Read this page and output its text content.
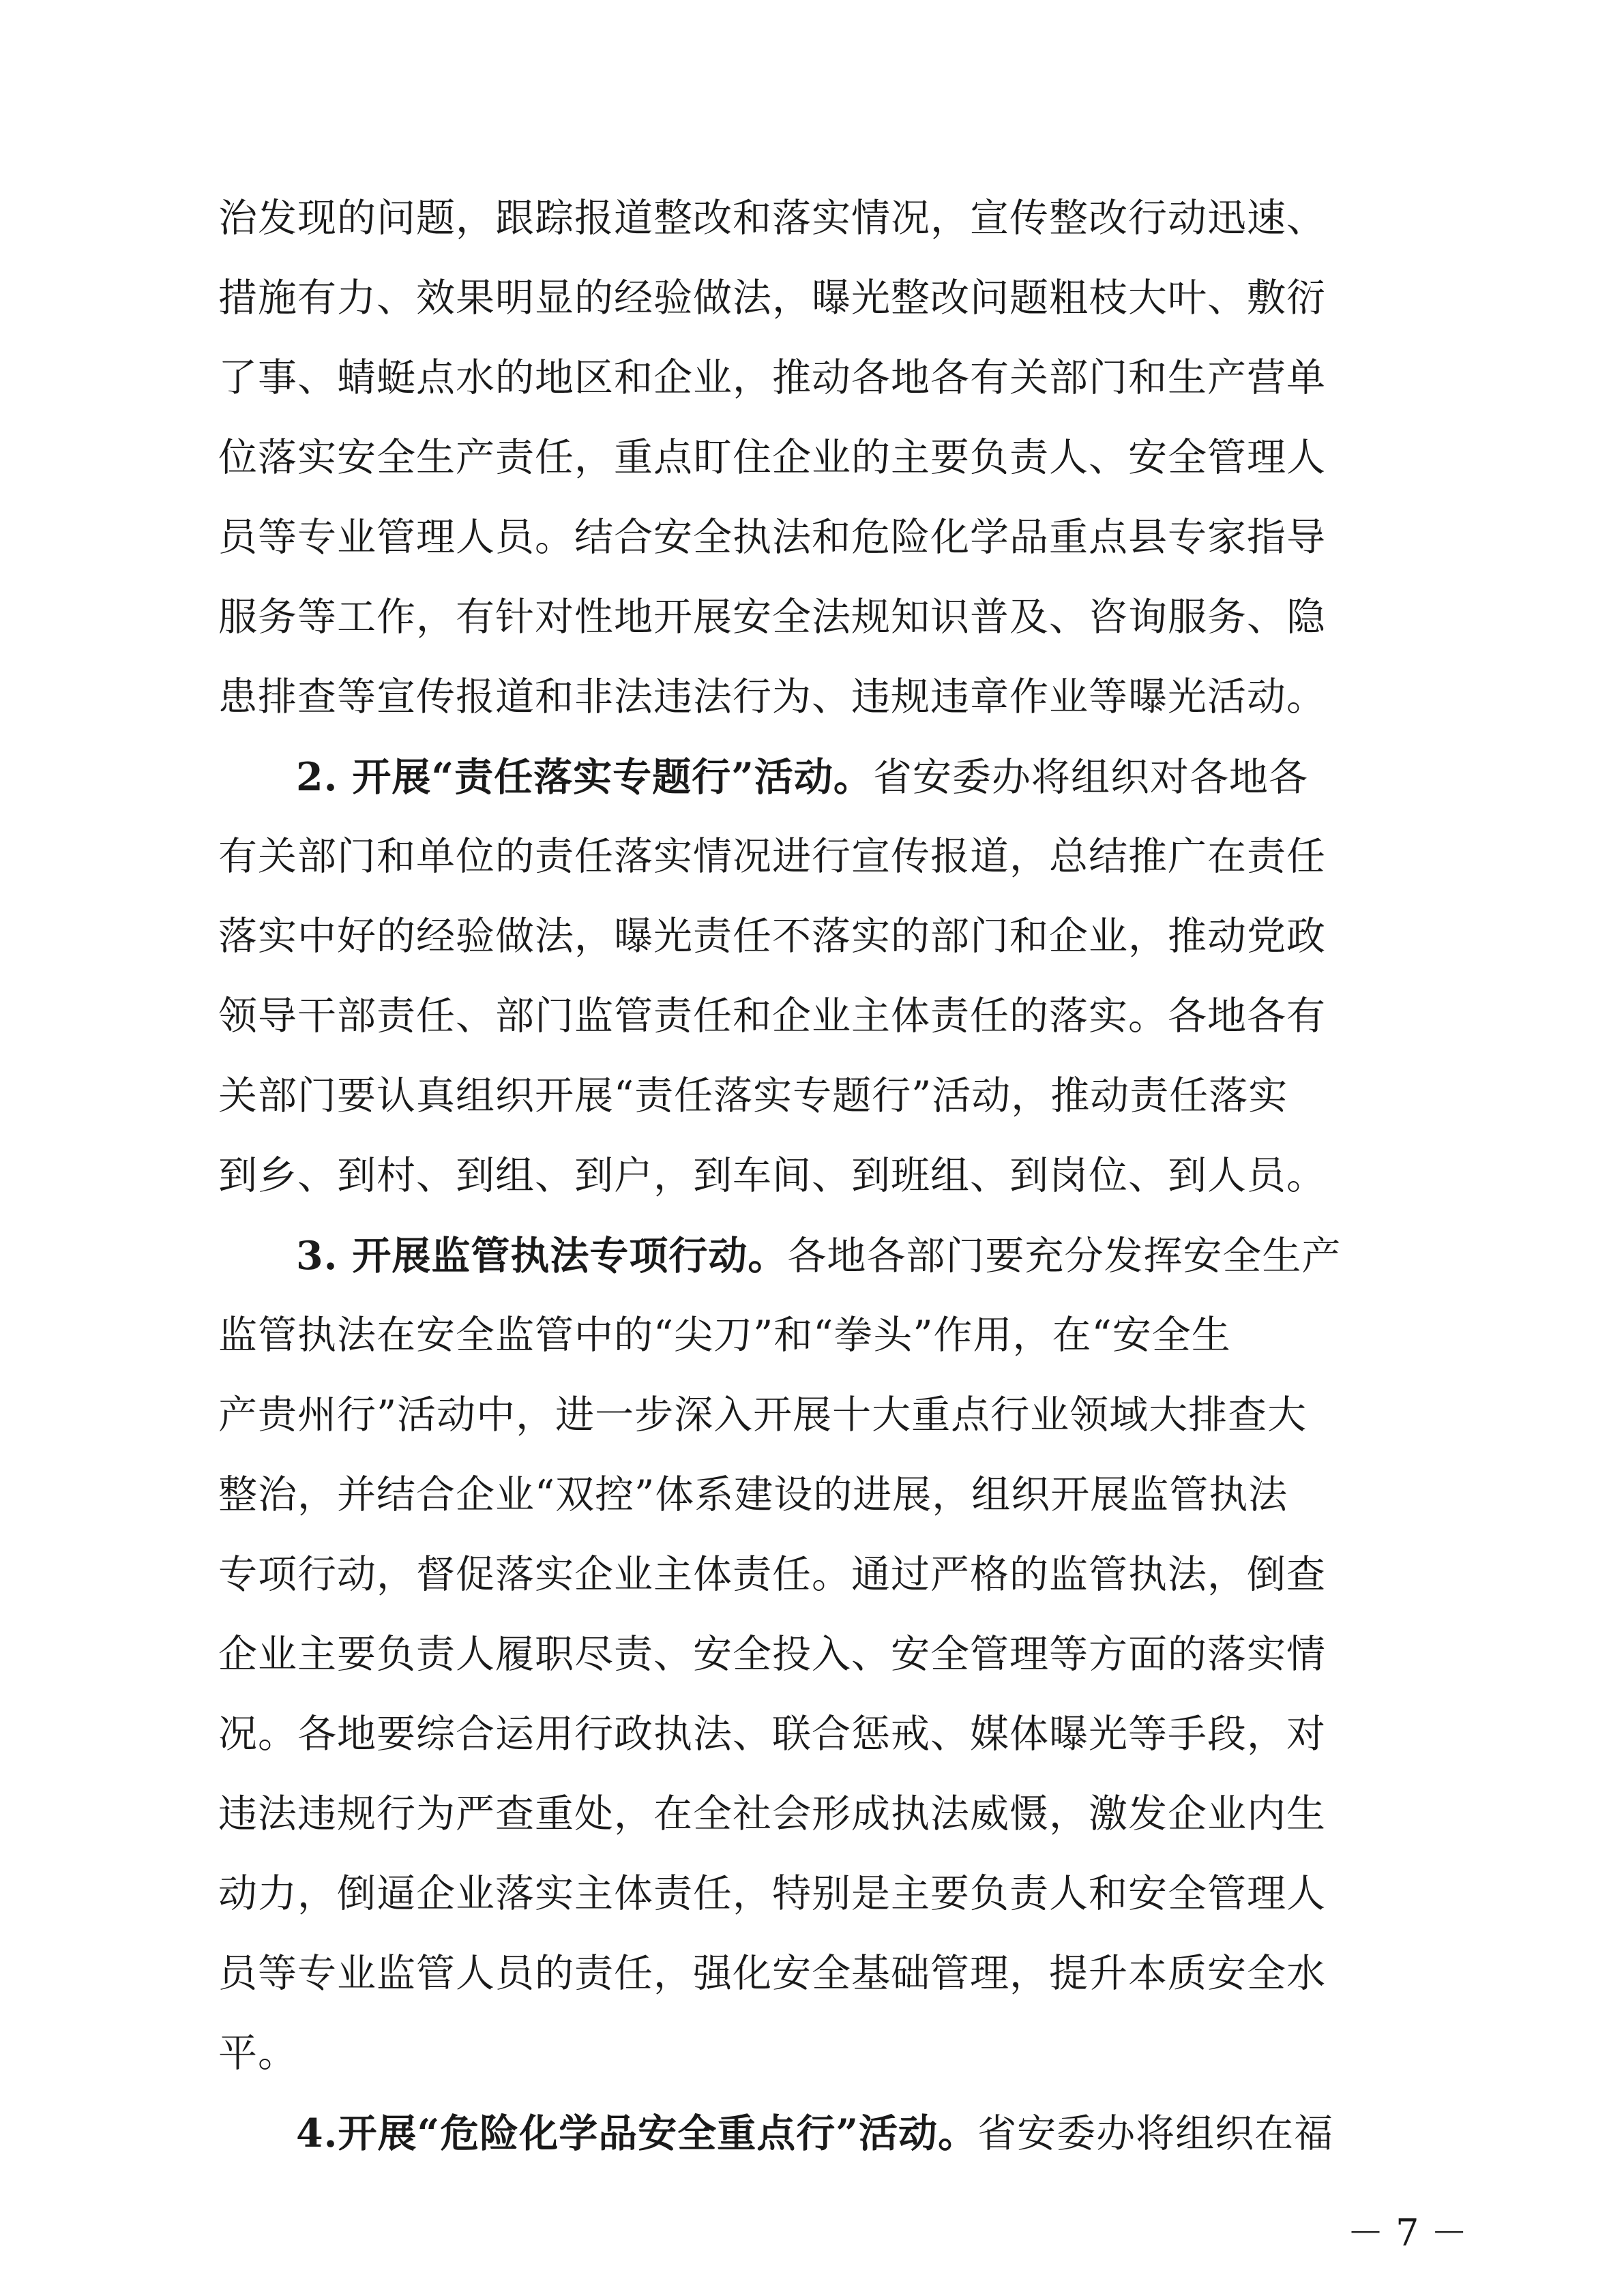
治发现的问题，跟踪报道整改和落实情况，宣传整改行动迅速、
措施有力、效果明显的经验做法，曝光整改问题粗枝大叶、敷衍
了事、蜻蜓点水的地区和企业，推动各地各有关部门和生产营单
位落实安全生产责任，重点盯住企业的主要负责人、安全管理人
员等专业管理人员。结合安全执法和危险化学品重点县专家指导
服务等工作，有针对性地开展安全法规知识普及、咨询服务、隐
患排查等宣传报道和非法违法行为、违规违章作业等曝光活动。
2. 开展“责任落实专题行”活动。省安委办将组织对各地各
有关部门和单位的责任落实情况进行宣传报道，总结推广在责任
落实中好的经验做法，曝光责任不落实的部门和企业，推动党政
领导干部责任、部门监管责任和企业主体责任的落实。各地各有
关部门要认真组织开展“责任落实专题行”活动，推动责任落实
到乡、到村、到组、到户，到车间、到班组、到岗位、到人员。
3. 开展监管执法专项行动。各地各部门要充分发挥安全生产
监管执法在安全监管中的“尖刀”和“拳头”作用，在“安全生
产贵州行”活动中，进一步深入开展十大重点行业领域大排查大
整治，并结合企业“双控”体系建设的进展，组织开展监管执法
专项行动，督促落实企业主体责任。通过严格的监管执法，倒查
企业主要负责人履职尽责、安全投入、安全管理等方面的落实情
况。各地要综合运用行政执法、联合惩戒、媒体曝光等手段，对
违法违规行为严查重处，在全社会形成执法威慑，激发企业内生
动力，倒逼企业落实主体责任，特别是主要负责人和安全管理人
员等专业监管人员的责任，强化安全基础管理，提升本质安全水
平。
4.开展“危险化学品安全重点行”活动。省安委办将组织在福
－ 7 －
